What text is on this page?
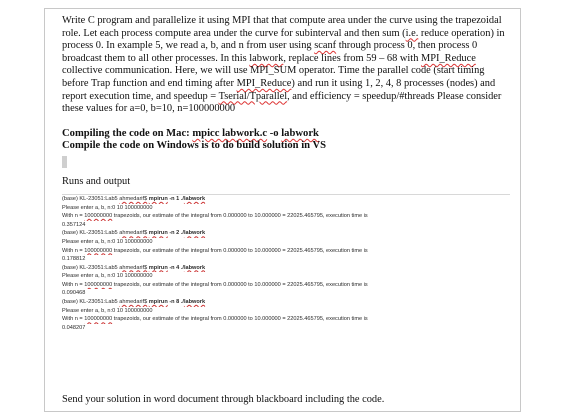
Write C program and parallelize it using MPI that that compute area under the curve using the trapezoidal role. Let each process compute area under the curve for subinterval and then sum (i.e. reduce operation) in process 0. In example 5, we read a, b, and n from user using scanf through process 0, then process 0 broadcast them to all other processes. In this labwork, replace lines from 59 – 68 with MPI_Reduce collective communication. Here, we will use MPI_SUM operator. Time the parallel code (start timing before Trap function and end timing after MPI_Reduce) and run it using 1, 2, 4, 8 processes (nodes) and report execution time, and speedup = Tserial/Tparallel, and efficiency = speedup/#threads Please consider these values for a=0, b=10, n=100000000

Compiling the code on Mac: mpicc labwork.c -o labwork

Compile the code on Windows is to do build solution in VS

Runs and output

(base) KL-23051:Lab5 ahmedarif$ mpirun -n 1 ./labwork
Please enter a, b, n:0 10 100000000
With n = 100000000 trapezoids, our estimate of the integral from 0.000000 to 10.000000 = 22025.465795, execution time is
0.357124
(base) KL-23051:Lab5 ahmedarif$ mpirun -n 2 ./labwork
Please enter a, b, n:0 10 100000000
With n = 100000000 trapezoids, our estimate of the integral from 0.000000 to 10.000000 = 22025.465795, execution time is
0.178812
(base) KL-23051:Lab5 ahmedarif$ mpirun -n 4 ./labwork
Please enter a, b, n:0 10 100000000
With n = 100000000 trapezoids, our estimate of the integral from 0.000000 to 10.000000 = 22025.465795, execution time is
0.090468
(base) KL-23051:Lab5 ahmedarif$ mpirun -n 8 ./labwork
Please enter a, b, n:0 10 100000000
With n = 100000000 trapezoids, our estimate of the integral from 0.000000 to 10.000000 = 22025.465795, execution time is
0.048207

Send your solution in word document through blackboard including the code.
